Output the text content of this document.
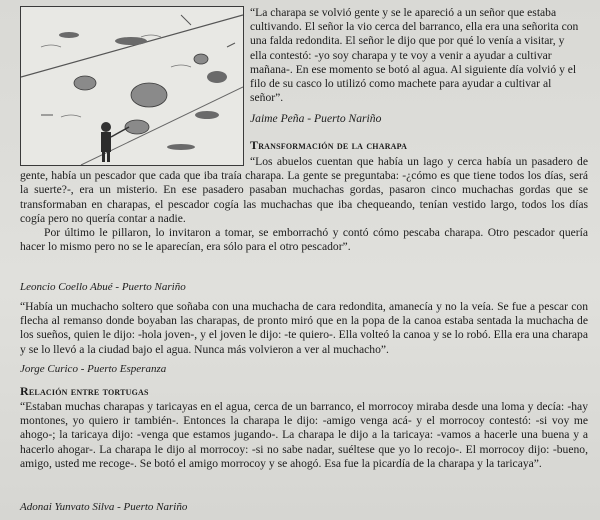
“La charapa se volvió gente y se le apareció a un señor que estaba

cultivando. El señor la vio cerca del barranco, ella era una señorita con

una falda redondita. El señor le dijo que por qué lo venía a visitar, y

ella contestó: -yo soy charapa y te voy a venir a ayudar a cultivar

mañana-. En ese momento se botó al agua. Al siguiente día volvió y el

filo de su casco lo utilizó como machete para ayudar a cultivar al

señor”.

Jaime Peña - Puerto Nariño
Transformación de la charapa

“Los abuelos cuentan que había un lago y cerca había un pasadero de gente, había un pescador que cada que iba traía charapa. La gente se preguntaba: -¿cómo es que tiene todos los días, será la suerte?-, era un misterio. En ese pasadero pasaban muchachas gordas, pasaron cinco muchachas gordas que se transformaban en charapas, el pescador cogía las muchachas que iba chequeando, tenían vestido largo, todos los días cogía pero no quería contar a nadie.

Por último le pillaron, lo invitaron a tomar, se emborrachó y contó cómo pescaba charapa. Otro pescador quería hacer lo mismo pero no se le aparecían, era sólo para el otro pescador”.

Leoncio Coello Abué - Puerto Nariño
“Había un muchacho soltero que soñaba con una muchacha de cara redondita, amanecía y no la veía. Se fue a pescar con flecha al remanso donde boyaban las charapas, de pronto miró que en la popa de la canoa estaba sentada la muchacha de los sueños, quien le dijo: -hola joven-, y el joven le dijo: -te quiero-. Ella volteó la canoa y se lo robó. Ella era una charapa y se lo llevó a la ciudad bajo el agua. Nunca más volvieron a ver al muchacho”.
Jorge Curico - Puerto Esperanza
Relación entre tortugas
“Estaban muchas charapas y taricayas en el agua, cerca de un barranco, el morrocoy miraba desde una loma y decía: -hay montones, yo quiero ir también-. Entonces la charapa le dijo: -amigo venga acá- y el morrocoy contestó: -si voy me ahogo-; la taricaya dijo: -venga que estamos jugando-. La charapa le dijo a la taricaya: -vamos a hacerle una buena y a hacerlo ahogar-. La charapa le dijo al morrocoy: -si no sabe nadar, suéltese que yo lo recojo-. El morrocoy dijo: -bueno, amigo, usted me recoge-. Se botó el amigo morrocoy y se ahogó. Esa fue la picardía de la charapa y la taricaya”.
Adonai Yunvato Silva - Puerto Nariño
